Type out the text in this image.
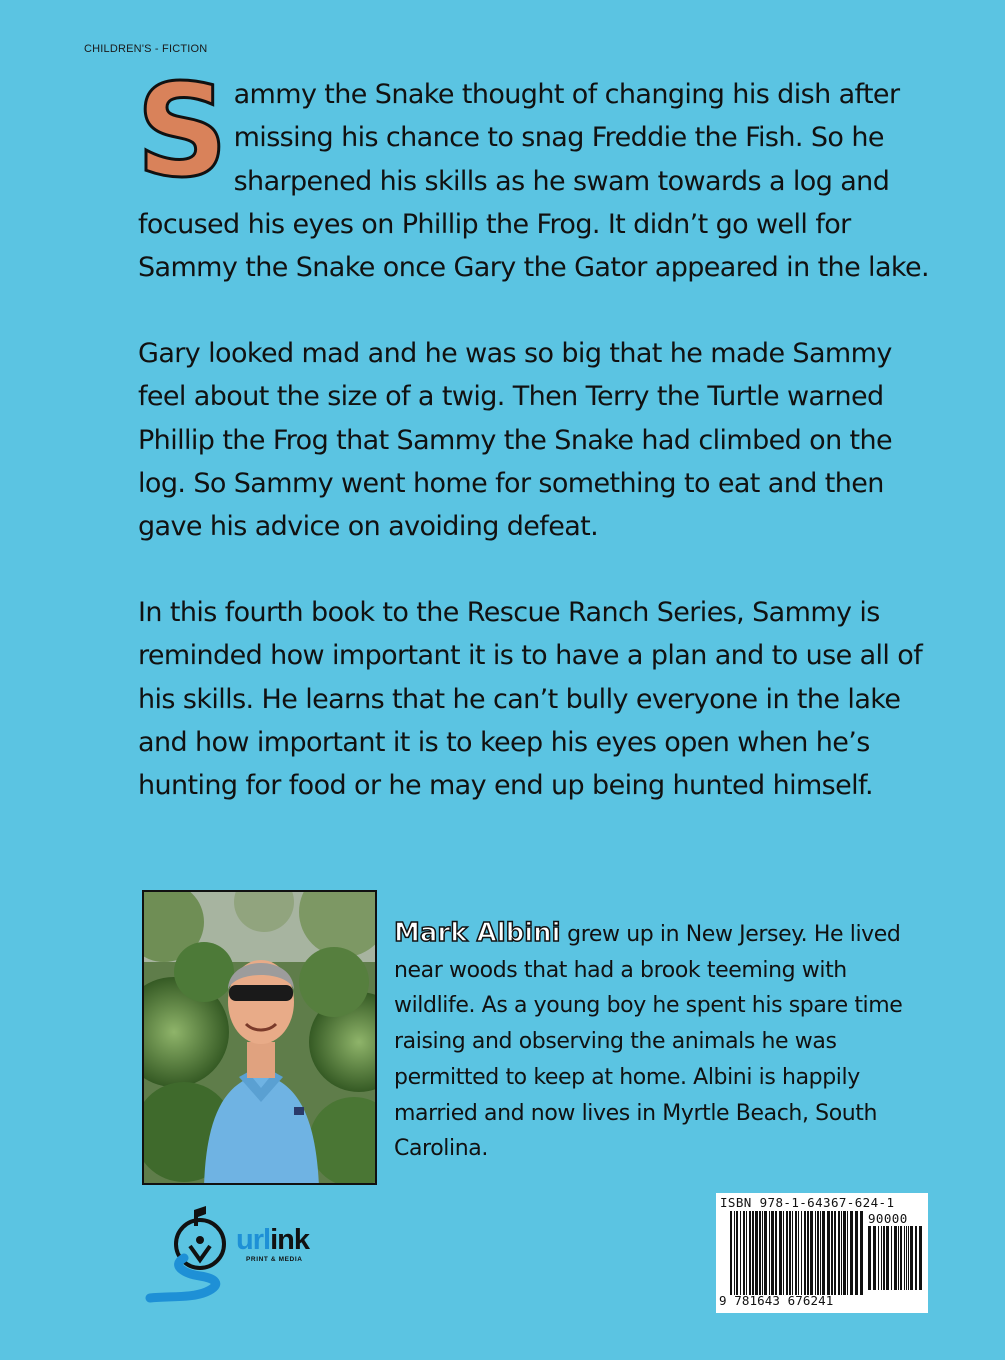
CHILDREN'S - FICTION
S ammy the Snake thought of changing his dish after missing his chance to snag Freddie the Fish. So he sharpened his skills as he swam towards a log and focused his eyes on Phillip the Frog. It didn’t go well for Sammy the Snake once Gary the Gator appeared in the lake.

Gary looked mad and he was so big that he made Sammy feel about the size of a twig. Then Terry the Turtle warned Phillip the Frog that Sammy the Snake had climbed on the log. So Sammy went home for something to eat and then gave his advice on avoiding defeat.

In this fourth book to the Rescue Ranch Series, Sammy is reminded how important it is to have a plan and to use all of his skills. He learns that he can’t bully everyone in the lake and how important it is to keep his eyes open when he’s hunting for food or he may end up being hunted himself.

Mark Albini grew up in New Jersey. He lived near woods that had a brook teeming with wildlife. As a young boy he spent his spare time raising and observing the animals he was permitted to keep at home. Albini is happily married and now lives in Myrtle Beach, South Carolina.
urlink
PRINT & MEDIA
ISBN 978-1-64367-624-1
90000
9 781643 676241
